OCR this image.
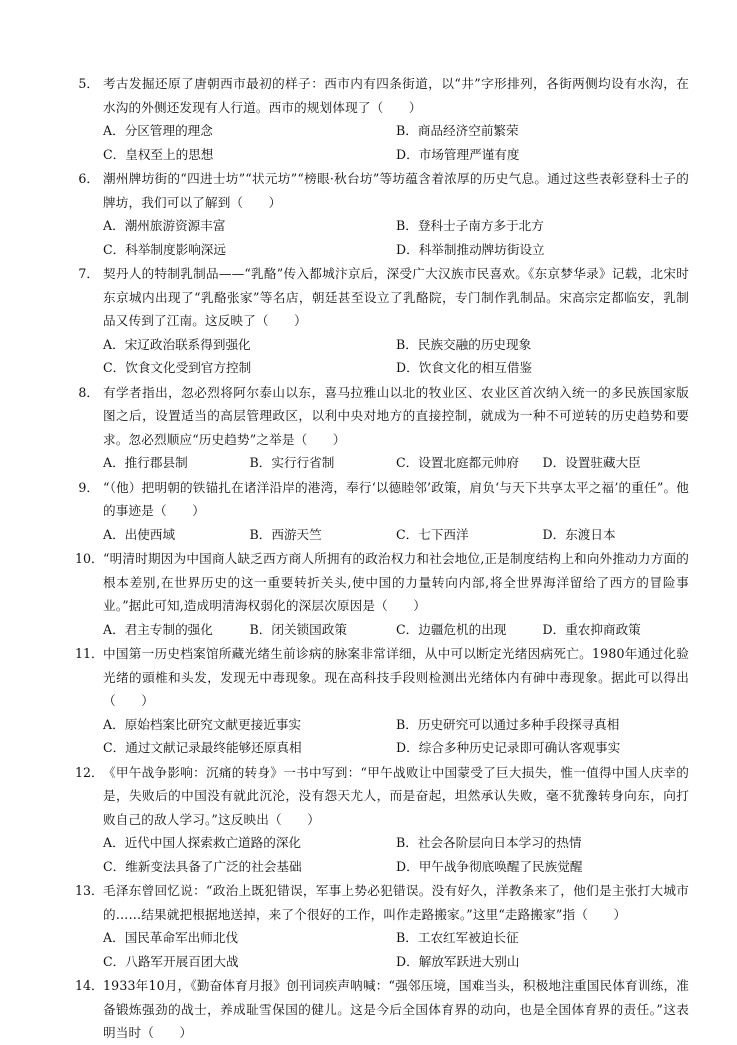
5． 考古发掘还原了唐朝西市最初的样子：西市内有四条街道，以“井”字形排列，各街两侧均设有水沟，在水沟的外侧还发现有人行道。西市的规划体现了（　　）
A．分区管理的理念	B．商品经济空前繁荣
C．皇权至上的思想	D．市场管理严谨有度
6． 潮州牌坊街的“四进士坊”“状元坊”“榜眼·秋台坊”等坊蕴含着浓厚的历史气息。通过这些表彰登科士子的牌坊，我们可以了解到（　　）
A．潮州旅游资源丰富	B．登科士子南方多于北方
C．科举制度影响深远	D．科举制推动牌坊街设立
7． 契丹人的特制乳制品——“乳酪”传入都城汴京后，深受广大汉族市民喜欢。《东京梦华录》记载，北宋时东京城内出现了“乳酪张家”等名店，朝廷甚至设立了乳酪院，专门制作乳制品。宋高宗定都临安，乳制品又传到了江南。这反映了（　　）
A．宋辽政治联系得到强化	B．民族交融的历史现象
C．饮食文化受到官方控制	D．饮食文化的相互借鉴
8． 有学者指出，忽必烈将阿尔泰山以东，喜马拉雅山以北的牧业区、农业区首次纳入统一的多民族国家版图之后，设置适当的高层管理政区，以利中央对地方的直接控制，就成为一种不可逆转的历史趋势和要求。忽必烈顺应“历史趋势”之举是（　　）
A．推行郡县制	B．实行行省制	C．设置北庭都元帅府	D．设置驻藏大臣
9． “（他）把明朝的铁锚扎在诸洋沿岸的港湾，奉行‘以德睦邻’政策，肩负‘与天下共享太平之福’的重任”。他的事迹是（　　）
A．出使西域	B．西游天竺	C．七下西洋	D．东渡日本
10． “明清时期因为中国商人缺乏西方商人所拥有的政治权力和社会地位,正是制度结构上和向外推动力方面的根本差别,在世界历史的这一重要转折关头,使中国的力量转向内部,将全世界海洋留给了西方的冒险事业。”据此可知,造成明清海权弱化的深层次原因是（　　）
A．君主专制的强化	B．闭关锁国政策	C．边疆危机的出现	D．重农抑商政策
11． 中国第一历史档案馆所藏光绪生前诊病的脉案非常详细，从中可以断定光绪因病死亡。1980年通过化验光绪的頭椎和头发，发现无中毒现象。现在高科技手段则检测出光绪体内有砷中毒现象。据此可以得出（　　）
A．原始档案比研究文献更接近事实	B．历史研究可以通过多种手段探寻真相
C．通过文献记录最终能够还原真相	D．综合多种历史记录即可确认客观事实
12． 《甲午战争影响：沉痛的转身》一书中写到：“甲午战败让中国蒙受了巨大损失，惟一值得中国人庆幸的是，失败后的中国没有就此沉沦，没有怨天尤人，而是奋起，坦然承认失败，毫不犹豫转身向东，向打败自己的敌人学习。”这反映出（　　）
A．近代中国人探索救亡道路的深化	B．社会各阶层向日本学习的热情
C．维新变法具备了广泛的社会基础	D．甲午战争彻底唤醒了民族觉醒
13． 毛泽东曾回忆说：“政治上既犯错误，军事上势必犯错误。没有好久，洋教条来了，他们是主张打大城市的……结果就把根据地送掉，来了个很好的工作，叫作走路搬家。”这里“走路搬家”指（　　）
A．国民革命军出师北伐	B．工农红军被迫长征
C．八路军开展百团大战	D．解放军跃进大别山
14． 1933年10月，《勤奋体育月报》创刊词疾声呐喊：“强邻压境，国难当头，积极地注重国民体育训练，准备锻炼强劲的战士，养成耻雪保国的健儿。这是今后全国体育界的动向，也是全国体育界的责任。”这表明当时（　　）
